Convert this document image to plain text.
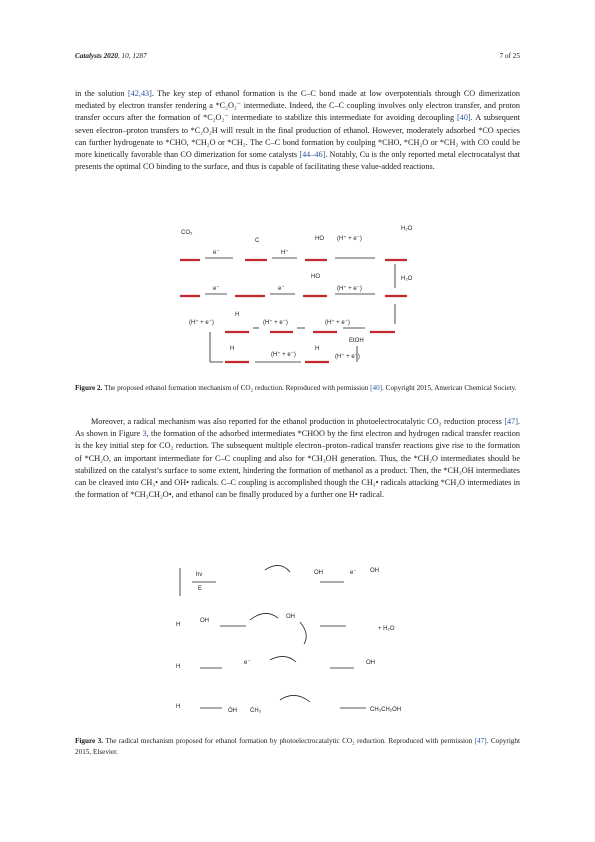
Catalysts 2020, 10, 1287	7 of 25

in the solution [42,43]. The key step of ethanol formation is the C–C bond made at low overpotentials through CO dimerization mediated by electron transfer rendering a *C₂O₂⁻ intermediate. Indeed, the C–C coupling involves only electron transfer, and proton transfer occurs after the formation of *C₂O₂⁻ intermediate to stabilize this intermediate for avoiding decoupling [40]. A subsequent seven electron–proton transfers to *C₂O₂H will result in the final production of ethanol. However, moderately adsorbed *CO species can further hydrogenate to *CHO, *CH₂O or *CH₂. The C–C bond formation by coulping *CHO, *CH₂O or *CH₂ with CO could be more kinetically favorable than CO dimerization for some catalysts [44–46]. Notably, Cu is the only reported metal electrocatalyst that presents the optimal CO binding to the surface, and thus is capable of facilitating these value-added reactions.

CO₂
e⁻	H⁺
(H⁺ + e⁻)
H₂O
HO
C
e⁻	e⁻	(H⁺ + e⁻)
H₂O
HO
(H⁺ + e⁻)	(H⁺ + e⁻)	(H⁺ + e⁻)
(H⁺ + e⁻)	(H⁺ + e⁻)
EtOH
H
H	H

Figure 2. The proposed ethanol formation mechanism of CO₂ reduction. Reproduced with permission [40]. Copyright 2015, American Chemical Society.

Moreover, a radical mechanism was also reported for the ethanol production in photoelectrocatalytic CO₂ reduction process [47]. As shown in Figure 3, the formation of the adsorbed intermediates *CHOO by the first electron and hydrogen radical transfer reaction is the key initial step for CO₂ reduction. The subsequent multiple electron–proton–radical transfer reactions give rise to the formation of *CH₂O, an important intermediate for C–C coupling and also for *CH₃OH generation. Thus, the *CH₂O intermediates should be stabilized on the catalyst’s surface to some extent, hindering the formation of methanol as a product. Then, the *CH₃OH intermediates can be cleaved into CH₃• and OH• radicals. C–C coupling is accomplished though the CH₃• radicals attacking *CH₂O intermediates in the formation of *CH₃CH₂O•, and ethanol can be finally produced by a further one H• radical.

hν
E
OH
OH	e⁻
OH
OH
+ H₂O
e⁻	OH
ȮH ĊH₃	CH₃CH₂OH
H
H
H

Figure 3. The radical mechanism proposed for ethanol formation by photoelectrocatalytic CO₂ reduction. Reproduced with permission [47]. Copyright 2015, Elsevier.
